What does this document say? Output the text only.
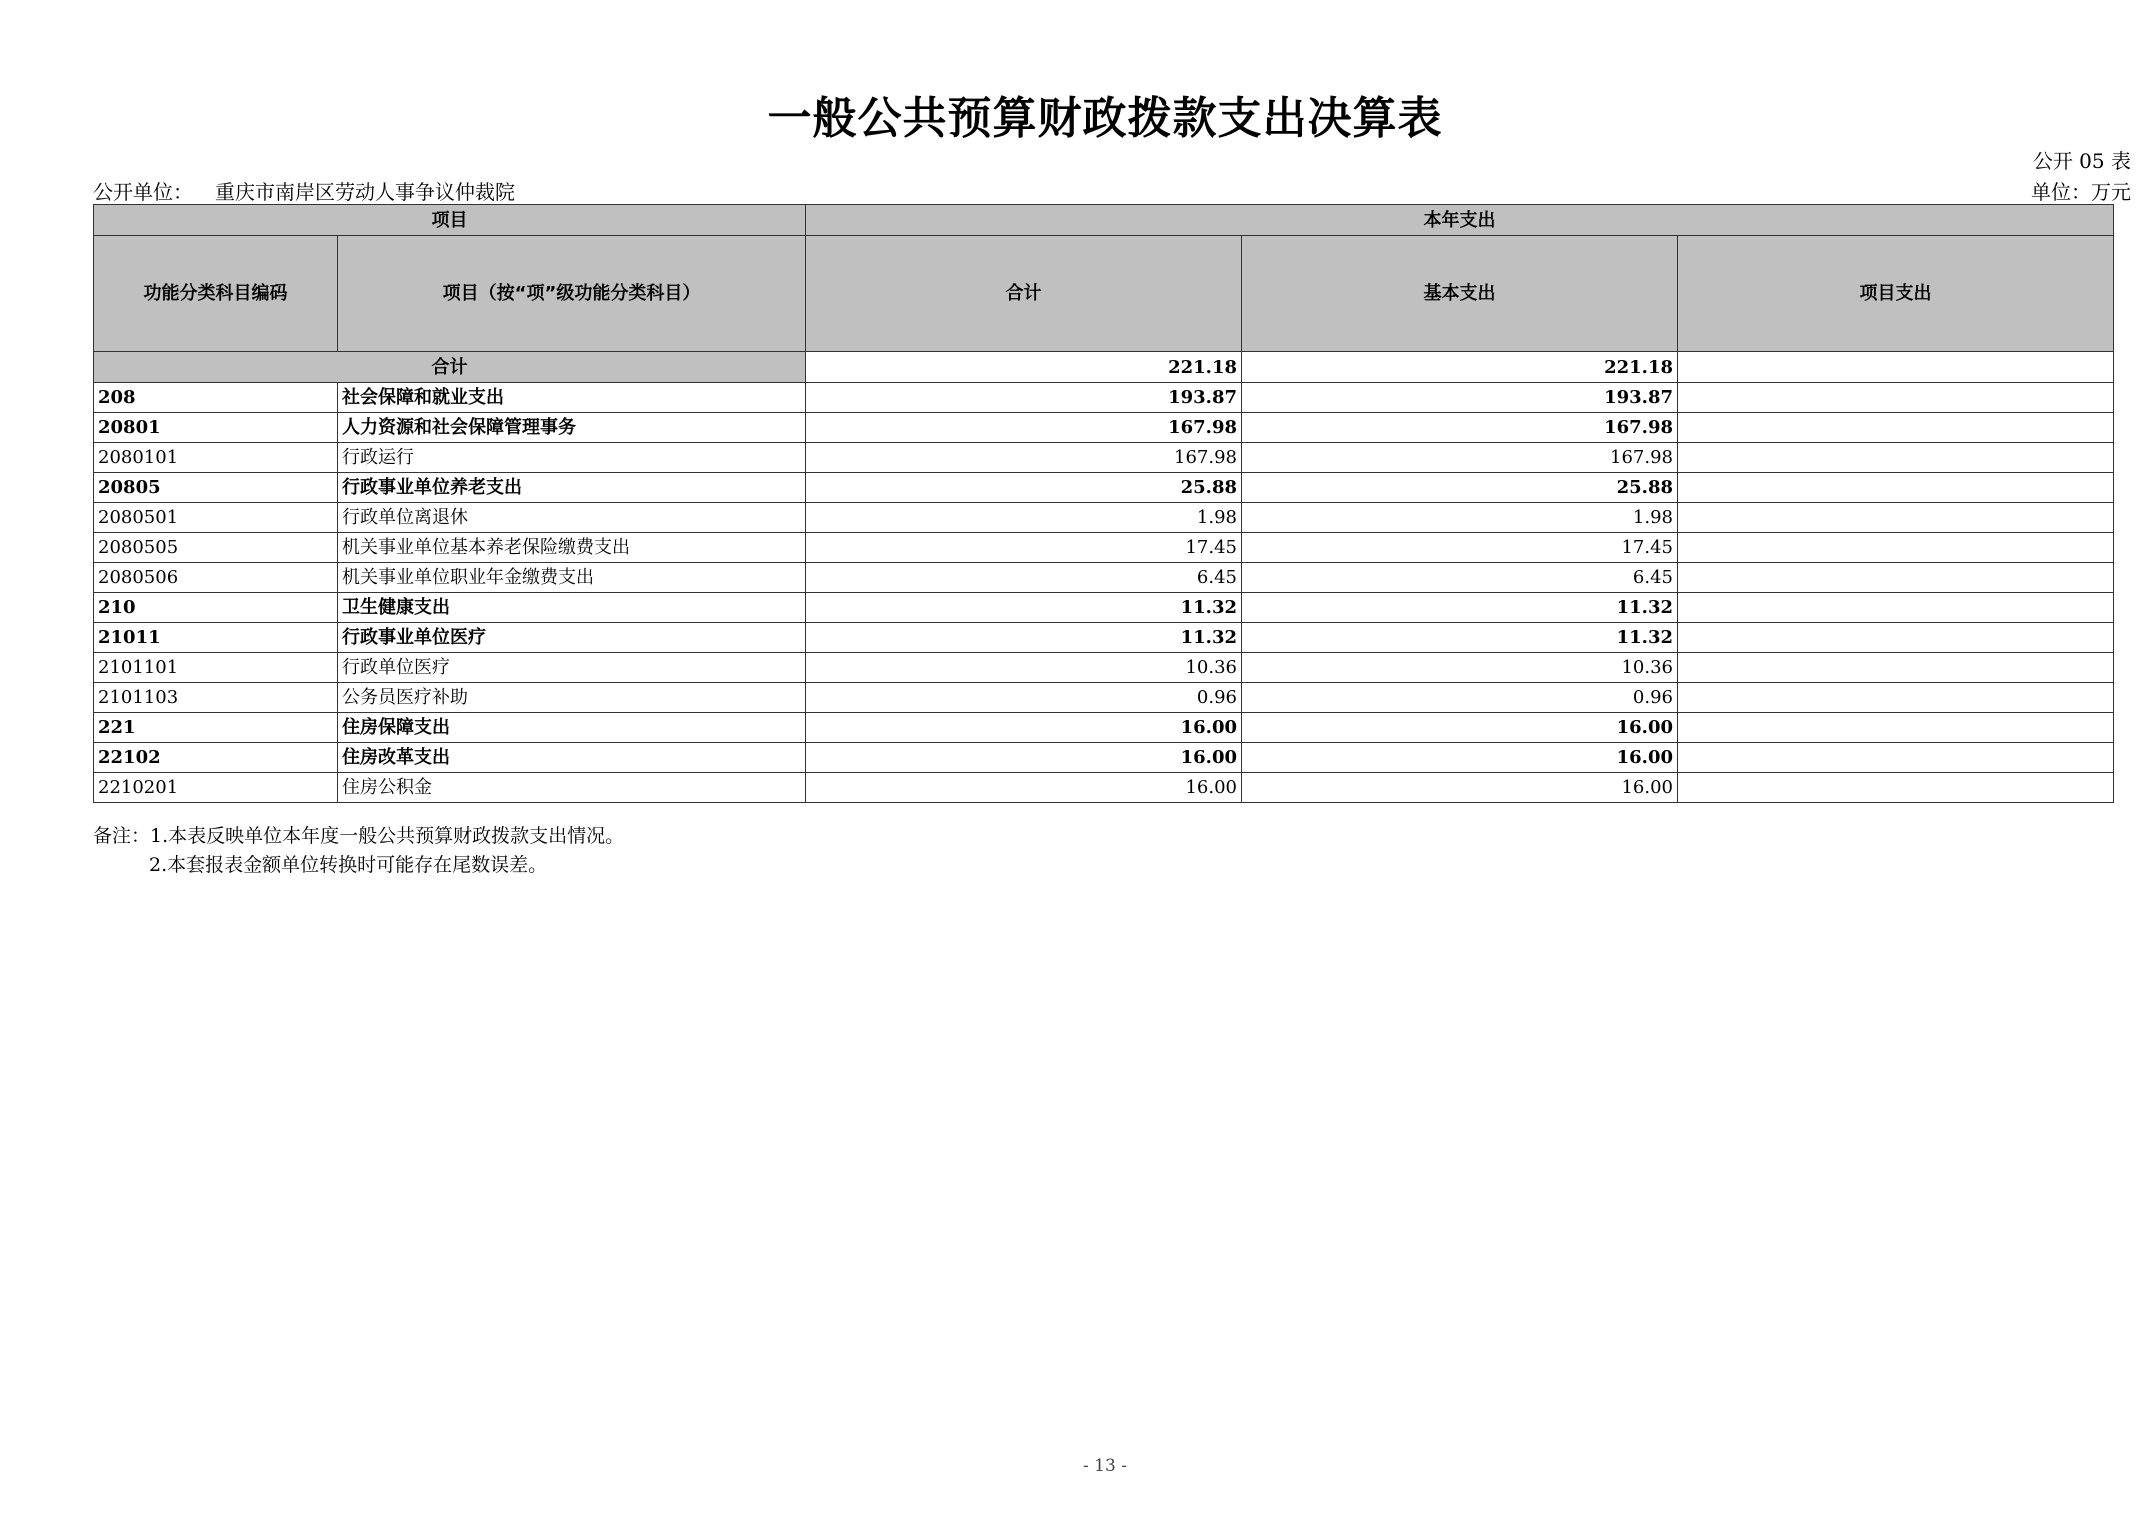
一般公共预算财政拨款支出决算表
公开 05 表
公开单位： 重庆市南岸区劳动人事争议仲裁院	单位：万元
项目		本年支出		
功能分类科目编码	项目（按“项”级功能分类科目）	合计	基本支出	项目支出
合计		221.18	221.18	
208	社会保障和就业支出	193.87	193.87	
20801	人力资源和社会保障管理事务	167.98	167.98	
2080101	行政运行	167.98	167.98	
20805	行政事业单位养老支出	25.88	25.88	
2080501	行政单位离退休	1.98	1.98	
2080505	机关事业单位基本养老保险缴费支出	17.45	17.45	
2080506	机关事业单位职业年金缴费支出	6.45	6.45	
210	卫生健康支出	11.32	11.32	
21011	行政事业单位医疗	11.32	11.32	
2101101	行政单位医疗	10.36	10.36	
2101103	公务员医疗补助	0.96	0.96	
221	住房保障支出	16.00	16.00	
22102	住房改革支出	16.00	16.00	
2210201	住房公积金	16.00	16.00	
备注：1.本表反映单位本年度一般公共预算财政拨款支出情况。
2.本套报表金额单位转换时可能存在尾数误差。
- 13 -
